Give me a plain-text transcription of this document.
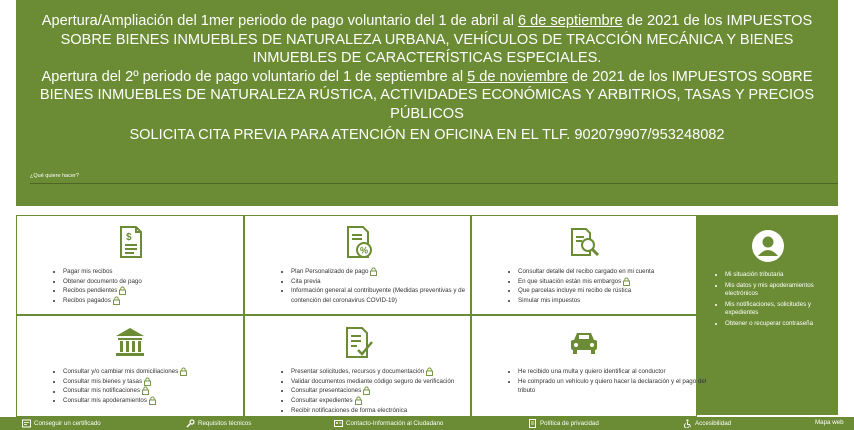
Apertura/Ampliación del 1mer periodo de pago voluntario del 1 de abril al 6 de septiembre de 2021 de los IMPUESTOS SOBRE BIENES INMUEBLES DE NATURALEZA URBANA, VEHÍCULOS DE TRACCIÓN MECÁNICA Y BIENES INMUEBLES DE CARACTERÍSTICAS ESPECIALES.

Apertura del 2º periodo de pago voluntario del 1 de septiembre al 5 de noviembre de 2021 de los IMPUESTOS SOBRE BIENES INMUEBLES DE NATURALEZA RÚSTICA, ACTIVIDADES ECONÓMICAS Y ARBITRIOS, TASAS Y PRECIOS PÚBLICOS

SOLICITA CITA PREVIA PARA ATENCIÓN EN OFICINA EN EL TLF. 902079907/953248082

¿Qué quiere hacer?
$
• Pagar mis recibos
• Obtener documento de pago
• Recibos pendientes
• Recibos pagados
%
• Plan Personalizado de pago
• Cita previa
• Información general al contribuyente (Medidas preventivas y de contención del coronavirus COVID-19)
• Consultar detalle del recibo cargado en mi cuenta
• En que situación están mis embargos
• Que parcelas incluye mi recibo de rústica
• Simular mis impuestos
• Mi situación tributaria
• Mis datos y mis apoderamientos electrónicos
• Mis notificaciones, solicitudes y expedientes
• Obtener o recuperar contraseña
• Consultar y/o cambiar mis domiciliaciones
• Consultar mis bienes y tasas
• Consultar mis notificaciones
• Consultar mis apoderamientos
• Presentar solicitudes, recursos y documentación
• Validar documentos mediante código seguro de verificación
• Consultar presentaciones
• Consultar expedientes
• Recibir notificaciones de forma electrónica
• He recibido una multa y quiero identificar al conductor
• He comprado un vehículo y quiero hacer la declaración y el pago del tributo
Conseguir un certificado	Requisitos técnicos	Contacto-Información al Ciudadano	Política de privacidad	Accesibilidad	Mapa web
